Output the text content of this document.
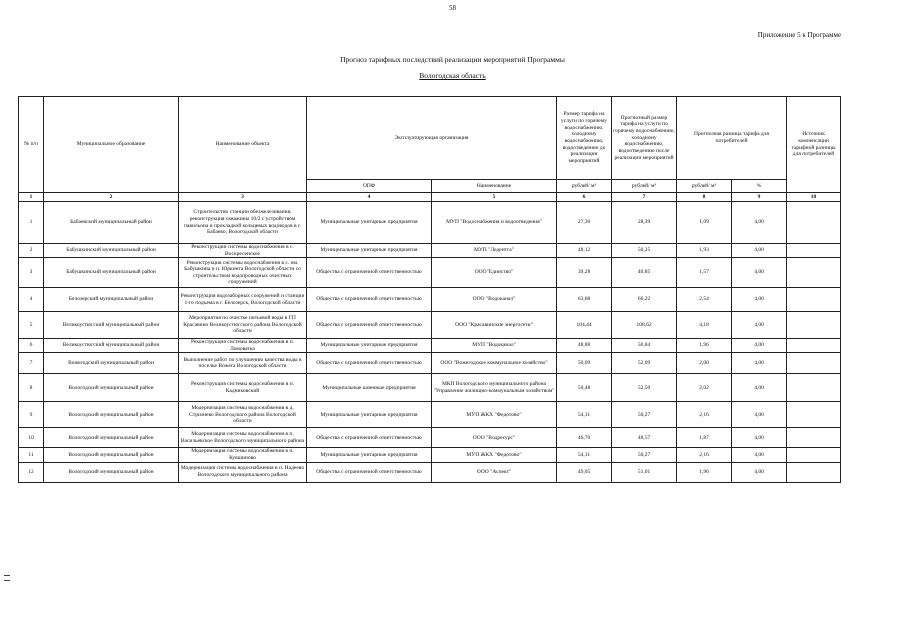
58
Приложение 5 к Программе
Прогноз тарифных последствий реализации мероприятий Программы
Вологодская область
№ п/п	Муниципальное образование	Наименование объекта	Эксплуатирующая организация		Размер тарифа на услуги по горячему водоснабжению, холодному водоснабжению, водоотведению до реализации мероприятий	Прогнозный размер тарифа на услуги по горячему водоснабжению, холодному водоснабжению, водоотведению после реализации мероприятий	Прогнозная разница тарифа для потребителей		Источник компенсации тарифной разницы для потребителей
			ОПФ	Наименование	рублей/ м³	рублей/ м³	рублей/ м³	%	
1	2	3	4	5	6	7	8	9	10
1	Бабаевский муниципальный район	Строительство станции обезжелезивания, реконструкция скважины 10/2 с устройством павильона и прокладкой кольцевых водоводов в г. Бабаево, Вологодской области	Муниципальные унитарные предприятия	МУП "Водоснабжения и водоотведения"	27,30	28,39	1,09	4,00	
2	Бабушкинский муниципальный район	Реконструкция системы водоснабжения в с. Воскресенское	Муниципальные унитарные предприятия	МУП "Ледентга"	48,12	50,25	1,93	4,00	
3	Бабушкинский муниципальный район	Реконструкция системы водоснабжения в с. им. Бабушкина и п. Юркинга Вологодской области со строительством водопроводных очистных сооружений	Общества с ограниченной ответственностью	ООО"Единство"	39,28	40,85	1,57	4,00	
4	Белозерский муниципальный район	Реконструкция водозаборных сооружений и станции 1-го подъема в г. Белозерск, Вологодской области	Общества с ограниченной ответственностью	ООО "Водоканал"	63,68	66,22	2,54	4,00	
5	Великоустюгский муниципальный район	Мероприятия по очистке питьевой воды в ГП Красавино Великоустюгского района Вологодской области	Общества с ограниченной ответственностью	ООО "Красавинские энергосети"	104,44	108,62	4,18	4,00	
6	Великоустюгский муниципальный район	Реконструкция системы водоснабжения в п. Ломоватка	Муниципальные унитарные предприятия	МУП "Водоканал"	48,88	50,84	1,96	4,00	
7	Вожегодский муниципальный район	Выполнение работ по улучшению качества воды в поселке Вожега Вологодской области	Общества с ограниченной ответственностью	ООО "Вожегодское коммунальное хозяйство"	50,09	52,09	2,00	4,00	
8	Вологодский муниципальный район	Реконструкция системы водоснабжения в п. Кадниковский	Муниципальные казенные предприятия	МКП Вологодского муниципального района "Управление жилищно-коммунальным хозяйством"	50,48	52,50	2,02	4,00	
9	Вологодский муниципальный район	Модернизация системы водоснабжения в д. Стризнево Вологодского района Вологодской области	Муниципальные унитарные предприятия	МУП ЖКХ "Федотово"	54,11	56,27	2,16	4,00	
10	Вологодский муниципальный район	Модернизация системы водоснабжения в п. Васильевское Вологодского муниципального района	Общества с ограниченной ответственностью	ООО "Водресурс"	46,70	48,57	1,87	4,00	
11	Вологодский муниципальный район	Модернизация системы водоснабжения в п. Кувшиново	Муниципальные унитарные предприятия	МУП ЖКХ "Федотово"	54,11	56,27	2,16	4,00	
12	Вологодский муниципальный район	Модернизация системы водоснабжения в п. Надеево Вологодского муниципального района	Общества с ограниченной ответственностью	ООО "Аспект"	49,05	51,01	1,96	4,00	
